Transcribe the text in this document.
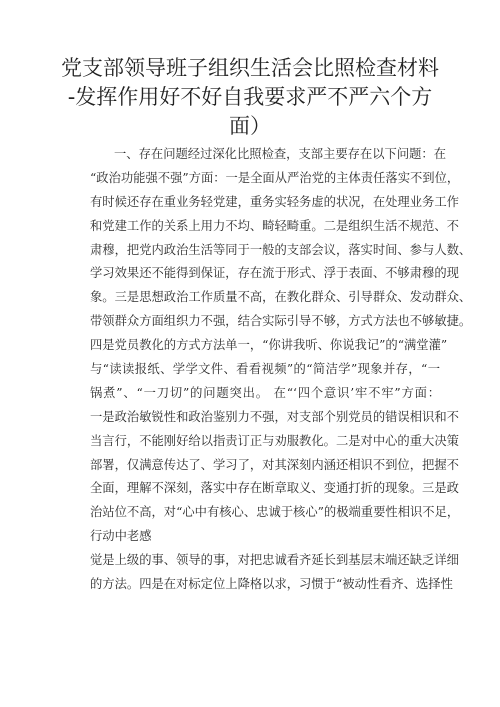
党支部领导班子组织生活会比照检查材料
-发挥作用好不好自我要求严不严六个方
面）
一、存在问题经过深化比照检查，支部主要存在以下问题：在
“政治功能强不强”方面：一是全面从严治党的主体责任落实不到位，
有时候还存在重业务轻党建，重务实轻务虚的状况，在处理业务工作
和党建工作的关系上用力不均、畸轻畸重。二是组织生活不规范、不
肃穆，把党内政治生活等同于一般的支部会议，落实时间、参与人数、
学习效果还不能得到保证，存在流于形式、浮于表面、不够肃穆的现
象。三是思想政治工作质量不高，在教化群众、引导群众、发动群众、
带领群众方面组织力不强，结合实际引导不够，方式方法也不够敏捷。
四是党员教化的方式方法单一，“你讲我听、你说我记”的“满堂灌”
与“读读报纸、学学文件、看看视频”的“简洁学”现象并存，“一
锅煮”、“一刀切”的问题突出。 在“‘四个意识’牢不牢”方面：
一是政治敏锐性和政治鉴别力不强，对支部个别党员的错误相识和不
当言行，不能刚好给以指责订正与劝服教化。二是对中心的重大决策
部署，仅满意传达了、学习了，对其深刻内涵还相识不到位，把握不
全面，理解不深刻，落实中存在断章取义、变通打折的现象。三是政
治站位不高，对“心中有核心、忠诚于核心”的极端重要性相识不足，
行动中老感
觉是上级的事、领导的事，对把忠诚看齐延长到基层末端还缺乏详细
的方法。四是在对标定位上降格以求，习惯于“被动性看齐、选择性
